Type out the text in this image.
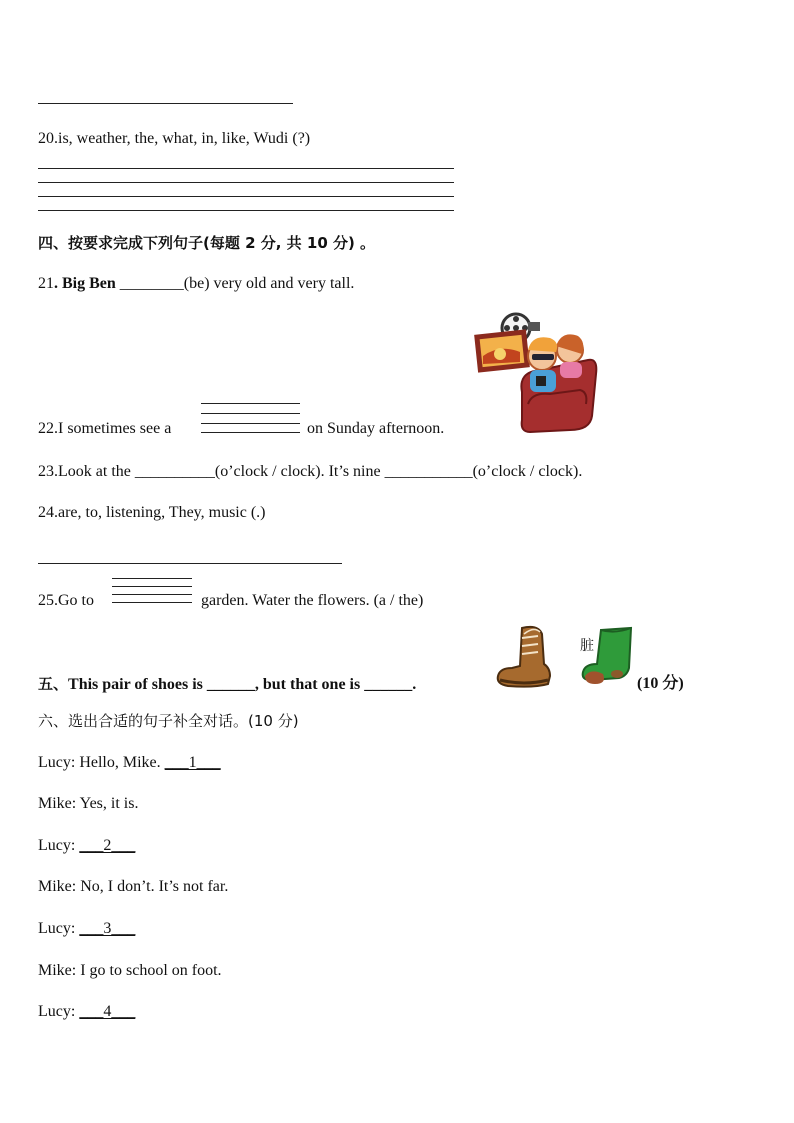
20.is, weather, the, what, in, like, Wudi (?)
四、按要求完成下列句子(每题 2 分, 共 10 分) 。
21. Big Ben ________(be) very old and very tall.
22.I sometimes see a	on Sunday afternoon.
23.Look at the __________(o’clock / clock). It’s nine ___________(o’clock / clock).
24.are, to, listening, They, music (.)
25.Go to	garden. Water the flowers. (a / the)
五、This pair of shoes is ______, but that one is ______.
脏
(10 分)
六、选出合适的句子补全对话。(10 分)
Lucy: Hello, Mike. ___1___
Mike: Yes, it is.
Lucy: ___2___
Mike: No, I don’t. It’s not far.
Lucy: ___3___
Mike: I go to school on foot.
Lucy: ___4___
